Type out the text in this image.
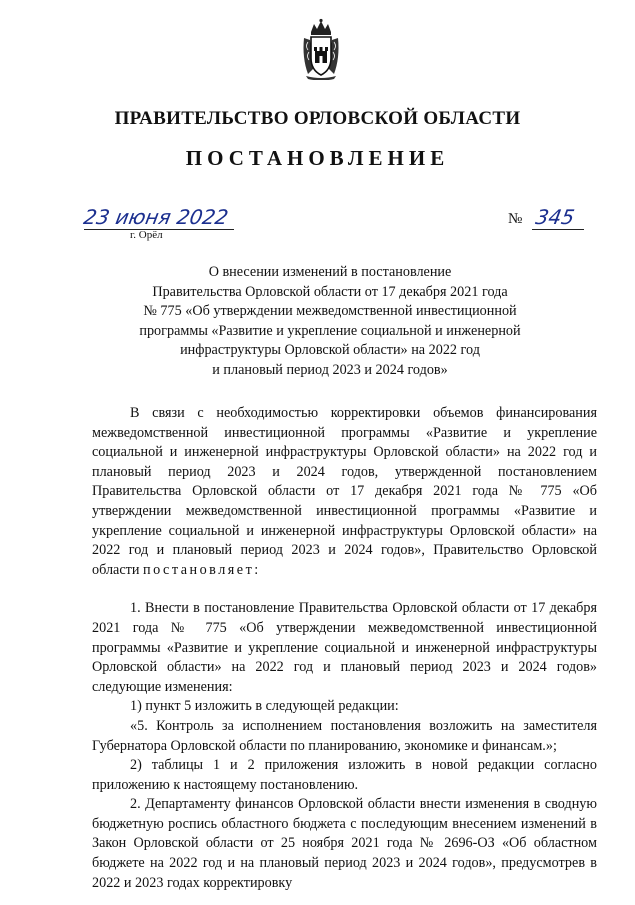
ПРАВИТЕЛЬСТВО ОРЛОВСКОЙ ОБЛАСТИ
ПОСТАНОВЛЕНИЕ
23 июня 2022
г. Орёл
№ 345
О внесении изменений в постановление
Правительства Орловской области от 17 декабря 2021 года
№ 775 «Об утверждении межведомственной инвестиционной
программы «Развитие и укрепление социальной и инженерной
инфраструктуры Орловской области» на 2022 год
и плановый период 2023 и 2024 годов»

В связи с необходимостью корректировки объемов финансирования межведомственной инвестиционной программы «Развитие и укрепление социальной и инженерной инфраструктуры Орловской области» на 2022 год и плановый период 2023 и 2024 годов, утвержденной постановлением Правительства Орловской области от 17 декабря 2021 года № 775 «Об утверждении межведомственной инвестиционной программы «Развитие и укрепление социальной и инженерной инфраструктуры Орловской области» на 2022 год и плановый период 2023 и 2024 годов», Правительство Орловской области постановляет:

1. Внести в постановление Правительства Орловской области от 17 декабря 2021 года № 775 «Об утверждении межведомственной инвестиционной программы «Развитие и укрепление социальной и инженерной инфраструктуры Орловской области» на 2022 год и плановый период 2023 и 2024 годов» следующие изменения:

1) пункт 5 изложить в следующей редакции:

«5. Контроль за исполнением постановления возложить на заместителя Губернатора Орловской области по планированию, экономике и финансам.»;

2) таблицы 1 и 2 приложения изложить в новой редакции согласно приложению к настоящему постановлению.

2. Департаменту финансов Орловской области внести изменения в сводную бюджетную роспись областного бюджета с последующим внесением изменений в Закон Орловской области от 25 ноября 2021 года № 2696-ОЗ «Об областном бюджете на 2022 год и на плановый период 2023 и 2024 годов», предусмотрев в 2022 и 2023 годах корректировку
